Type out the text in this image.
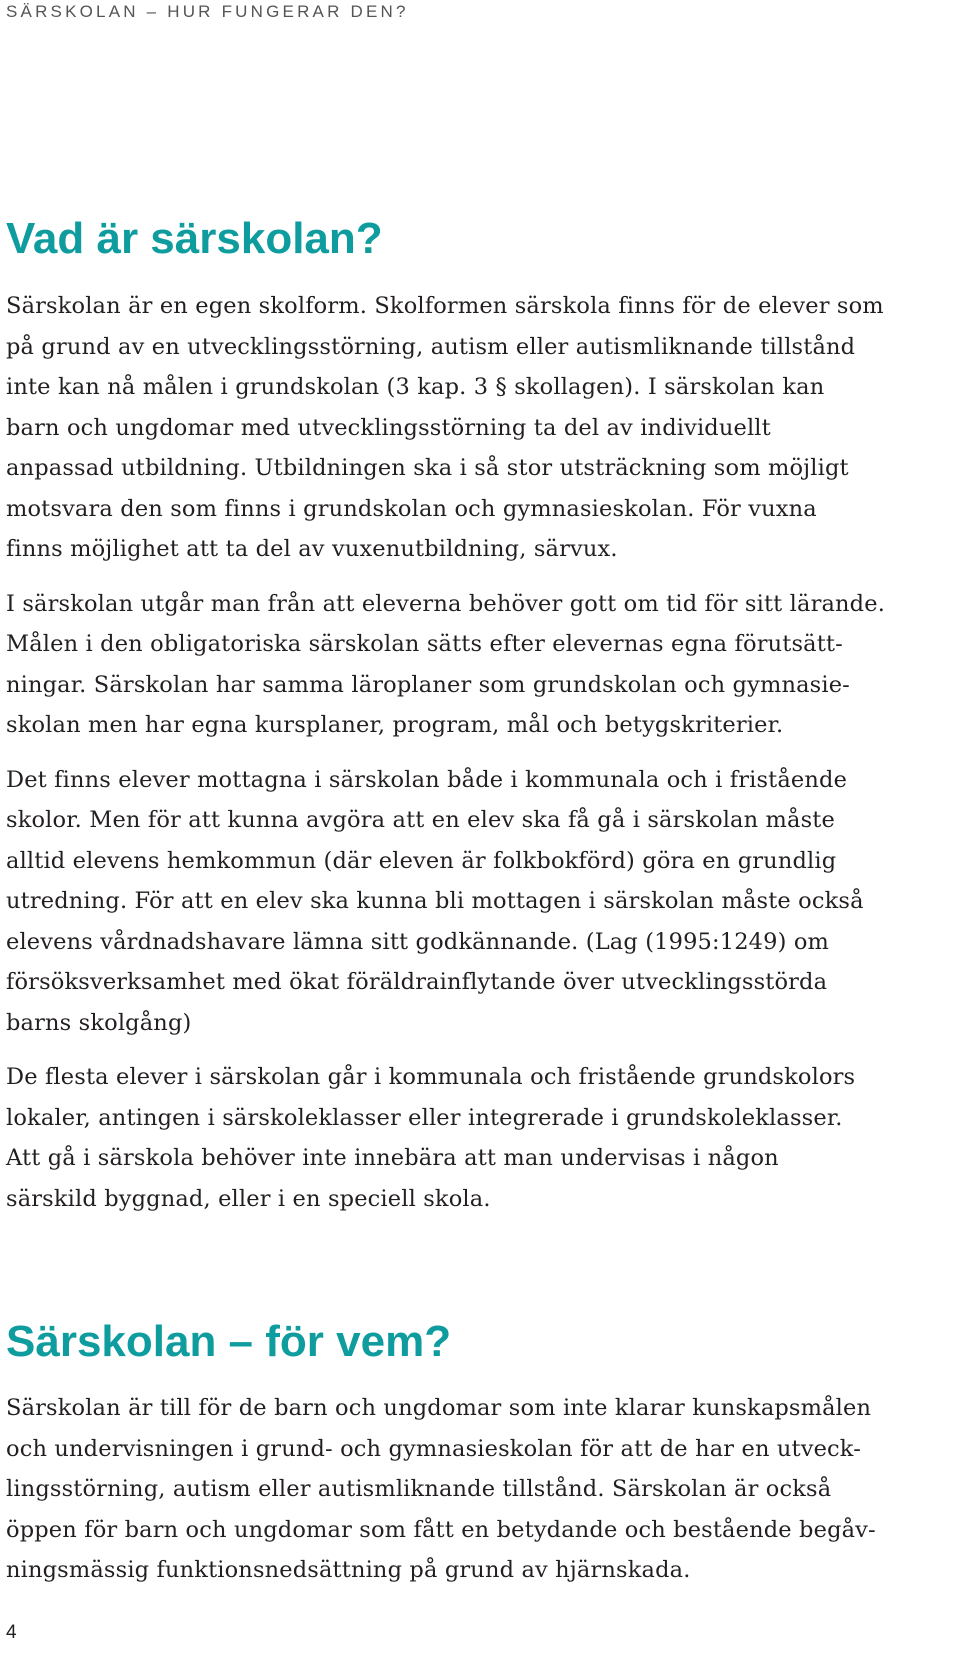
SÄRSKOLAN – HUR FUNGERAR DEN?
Vad är särskolan?

Särskolan är en egen skolform. Skolformen särskola finns för de elever som
på grund av en utvecklingsstörning, autism eller autismliknande tillstånd
inte kan nå målen i grundskolan (3 kap. 3 § skollagen). I särskolan kan
barn och ungdomar med utvecklingsstörning ta del av individuellt
anpassad utbildning. Utbildningen ska i så stor utsträckning som möjligt
motsvara den som finns i grundskolan och gymnasieskolan. För vuxna
finns möjlighet att ta del av vuxenutbildning, särvux.

I särskolan utgår man från att eleverna behöver gott om tid för sitt lärande.
Målen i den obligatoriska särskolan sätts efter elevernas egna förutsätt-
ningar. Särskolan har samma läroplaner som grundskolan och gymnasie-
skolan men har egna kursplaner, program, mål och betygskriterier.

Det finns elever mottagna i särskolan både i kommunala och i fristående
skolor. Men för att kunna avgöra att en elev ska få gå i särskolan måste
alltid elevens hemkommun (där eleven är folkbokförd) göra en grundlig
utredning. För att en elev ska kunna bli mottagen i särskolan måste också
elevens vårdnadshavare lämna sitt godkännande. (Lag (1995:1249) om
försöksverksamhet med ökat föräldrainflytande över utvecklingsstörda
barns skolgång)

De flesta elever i särskolan går i kommunala och fristående grundskolors
lokaler, antingen i särskoleklasser eller integrerade i grundskoleklasser.
Att gå i särskola behöver inte innebära att man undervisas i någon
särskild byggnad, eller i en speciell skola.

Särskolan – för vem?

Särskolan är till för de barn och ungdomar som inte klarar kunskapsmålen
och undervisningen i grund- och gymnasieskolan för att de har en utveck-
lingsstörning, autism eller autismliknande tillstånd. Särskolan är också
öppen för barn och ungdomar som fått en betydande och bestående begåv-
ningsmässig funktionsnedsättning på grund av hjärnskada.

4
